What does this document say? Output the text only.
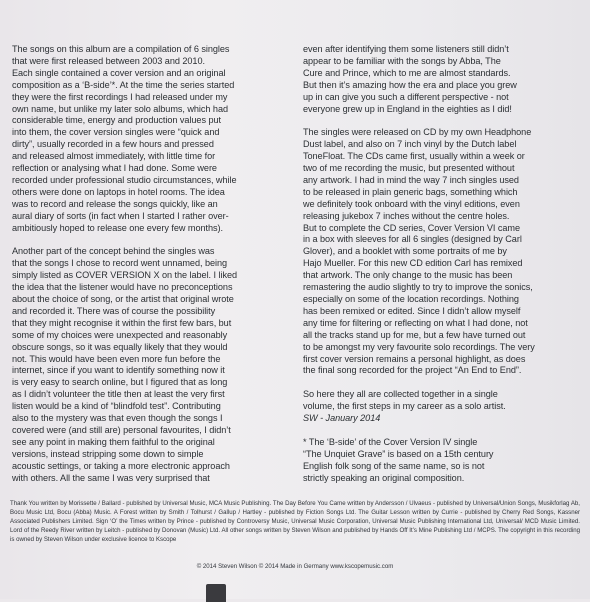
The songs on this album are a compilation of 6 singles
that were first released between 2003 and 2010.
Each single contained a cover version and an original
composition as a ‘B-side’*. At the time the series started
they were the first recordings I had released under my
own name, but unlike my later solo albums, which had
considerable time, energy and production values put
into them, the cover version singles were “quick and
dirty”, usually recorded in a few hours and pressed
and released almost immediately, with little time for
reflection or analysing what I had done. Some were
recorded under professional studio circumstances, while
others were done on laptops in hotel rooms. The idea
was to record and release the songs quickly, like an
aural diary of sorts (in fact when I started I rather over-
ambitiously hoped to release one every few months).

Another part of the concept behind the singles was
that the songs I chose to record went unnamed, being
simply listed as COVER VERSION X on the label. I liked
the idea that the listener would have no preconceptions
about the choice of song, or the artist that original wrote
and recorded it. There was of course the possibility
that they might recognise it within the first few bars, but
some of my choices were unexpected and reasonably
obscure songs, so it was equally likely that they would
not. This would have been even more fun before the
internet, since if you want to identify something now it
is very easy to search online, but I figured that as long
as I didn’t volunteer the title then at least the very first
listen would be a kind of “blindfold test”. Contributing
also to the mystery was that even though the songs I
covered were (and still are) personal favourites, I didn’t
see any point in making them faithful to the original
versions, instead stripping some down to simple
acoustic settings, or taking a more electronic approach
with others. All the same I was very surprised that

even after identifying them some listeners still didn’t
appear to be familiar with the songs by Abba, The
Cure and Prince, which to me are almost standards.
But then it’s amazing how the era and place you grew
up in can give you such a different perspective - not
everyone grew up in England in the eighties as I did!

The singles were released on CD by my own Headphone
Dust label, and also on 7 inch vinyl by the Dutch label
ToneFloat. The CDs came first, usually within a week or
two of me recording the music, but presented without
any artwork. I had in mind the way 7 inch singles used
to be released in plain generic bags, something which
we definitely took onboard with the vinyl editions, even
releasing jukebox 7 inches without the centre holes.
But to complete the CD series, Cover Version VI came
in a box with sleeves for all 6 singles (designed by Carl
Glover), and a booklet with some portraits of me by
Hajo Mueller. For this new CD edition Carl has remixed
that artwork. The only change to the music has been
remastering the audio slightly to try to improve the sonics,
especially on some of the location recordings. Nothing
has been remixed or edited. Since I didn’t allow myself
any time for filtering or reflecting on what I had done, not
all the tracks stand up for me, but a few have turned out
to be amongst my very favourite solo recordings. The very
first cover version remains a personal highlight, as does
the final song recorded for the project “An End to End”.

So here they all are collected together in a single
volume, the first steps in my career as a solo artist.

SW - January 2014

* The ‘B-side’ of the Cover Version IV single
“The Unquiet Grave” is based on a 15th century
English folk song of the same name, so is not
strictly speaking an original composition.

Thank You written by Morissette / Ballard - published by Universal Music, MCA Music Publishing. The Day Before You Came written by Andersson / Ulvaeus - published by Universal/Union Songs, Musikforlag Ab, Bocu Music Ltd, Bocu (Abba) Music. A Forest written by Smith / Tolhurst / Gallup / Hartley - published by Fiction Songs Ltd. The Guitar Lesson written by Currie - published by Cherry Red Songs, Kassner Associated Publishers Limited. Sign ‘O’ the Times written by Prince - published by Controversy Music, Universal Music Corporation, Universal Music Publishing International Ltd, Universal/ MCD Music Limited. Lord of the Reedy River written by Leitch - published by Donovan (Music) Ltd. All other songs written by Steven Wilson and published by Hands Off It’s Mine Publishing Ltd / MCPS. The copyright in this recording is owned by Steven Wilson under exclusive licence to Kscope
© 2014 Steven Wilson © 2014 Made in Germany www.kscopemusic.com
